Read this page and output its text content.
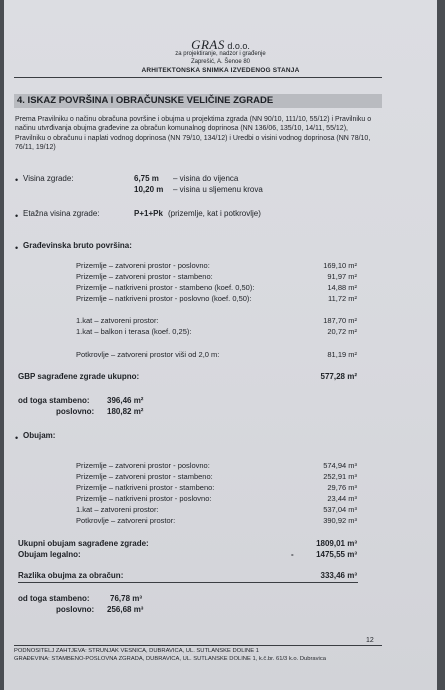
GRAS d.o.o.
za projektiranje, nadzor i građenje
Zaprešić, A. Šenoe 80
ARHITEKTONSKA SNIMKA IZVEDENOG STANJA
4. ISKAZ POVRŠINA I OBRAČUNSKE VELIČINE ZGRADE
Prema Pravilniku o načinu obračuna površine i obujma u projektima zgrada (NN 90/10, 111/10, 55/12) i Pravilniku o načinu utvrđivanja obujma građevine za obračun komunalnog doprinosa (NN 136/06, 135/10, 14/11, 55/12), Pravilniku o obračunu i naplati vodnog doprinosa (NN 79/10, 134/12) i Uredbi o visini vodnog doprinosa (NN 78/10, 76/11, 19/12)
• Visina zgrade:	6,75 m – visina do vijenca
10,20 m – visina u sljemenu krova
• Etažna visina zgrade:	P+1+Pk (prizemlje, kat i potkrovlje)
• Građevinska bruto površina:
Prizemlje – zatvoreni prostor - poslovno:	169,10 m²
Prizemlje – zatvoreni prostor - stambeno:	91,97 m²
Prizemlje – natkriveni prostor - stambeno (koef. 0,50):	14,88 m²
Prizemlje – natkriveni prostor - poslovno (koef. 0,50):	11,72 m²
1.kat – zatvoreni prostor:	187,70 m²
1.kat – balkon i terasa (koef. 0,25):	20,72 m²
Potkrovlje – zatvoreni prostor viši od 2,0 m:	81,19 m²
GBP sagrađene zgrade ukupno:	577,28 m²
od toga stambeno: 396,46 m²
poslovno: 180,82 m²
• Obujam:
Prizemlje – zatvoreni prostor - poslovno:	574,94 m³
Prizemlje – zatvoreni prostor - stambeno:	252,91 m³
Prizemlje – natkriveni prostor - stambeno:	29,76 m³
Prizemlje – natkriveni prostor - poslovno:	23,44 m³
1.kat – zatvoreni prostor:	537,04 m³
Potkrovlje – zatvoreni prostor:	390,92 m³
Ukupni obujam sagrađene zgrade:	1809,01 m³
Obujam legalno:	-	1475,55 m³
Razlika obujma za obračun:	333,46 m³
od toga stambeno:	76,78 m³
poslovno: 256,68 m³
12
PODNOSITELJ ZAHTJEVA: STRUNJAK VESNICA, DUBRAVICA, UL. SUTLANSKE DOLINE 1
GRAĐEVINA: STAMBENO-POSLOVNA ZGRADA, DUBRAVICA, UL. SUTLANSKE DOLINE 1, k.č.br. 61/3 k.o. Dubravica
